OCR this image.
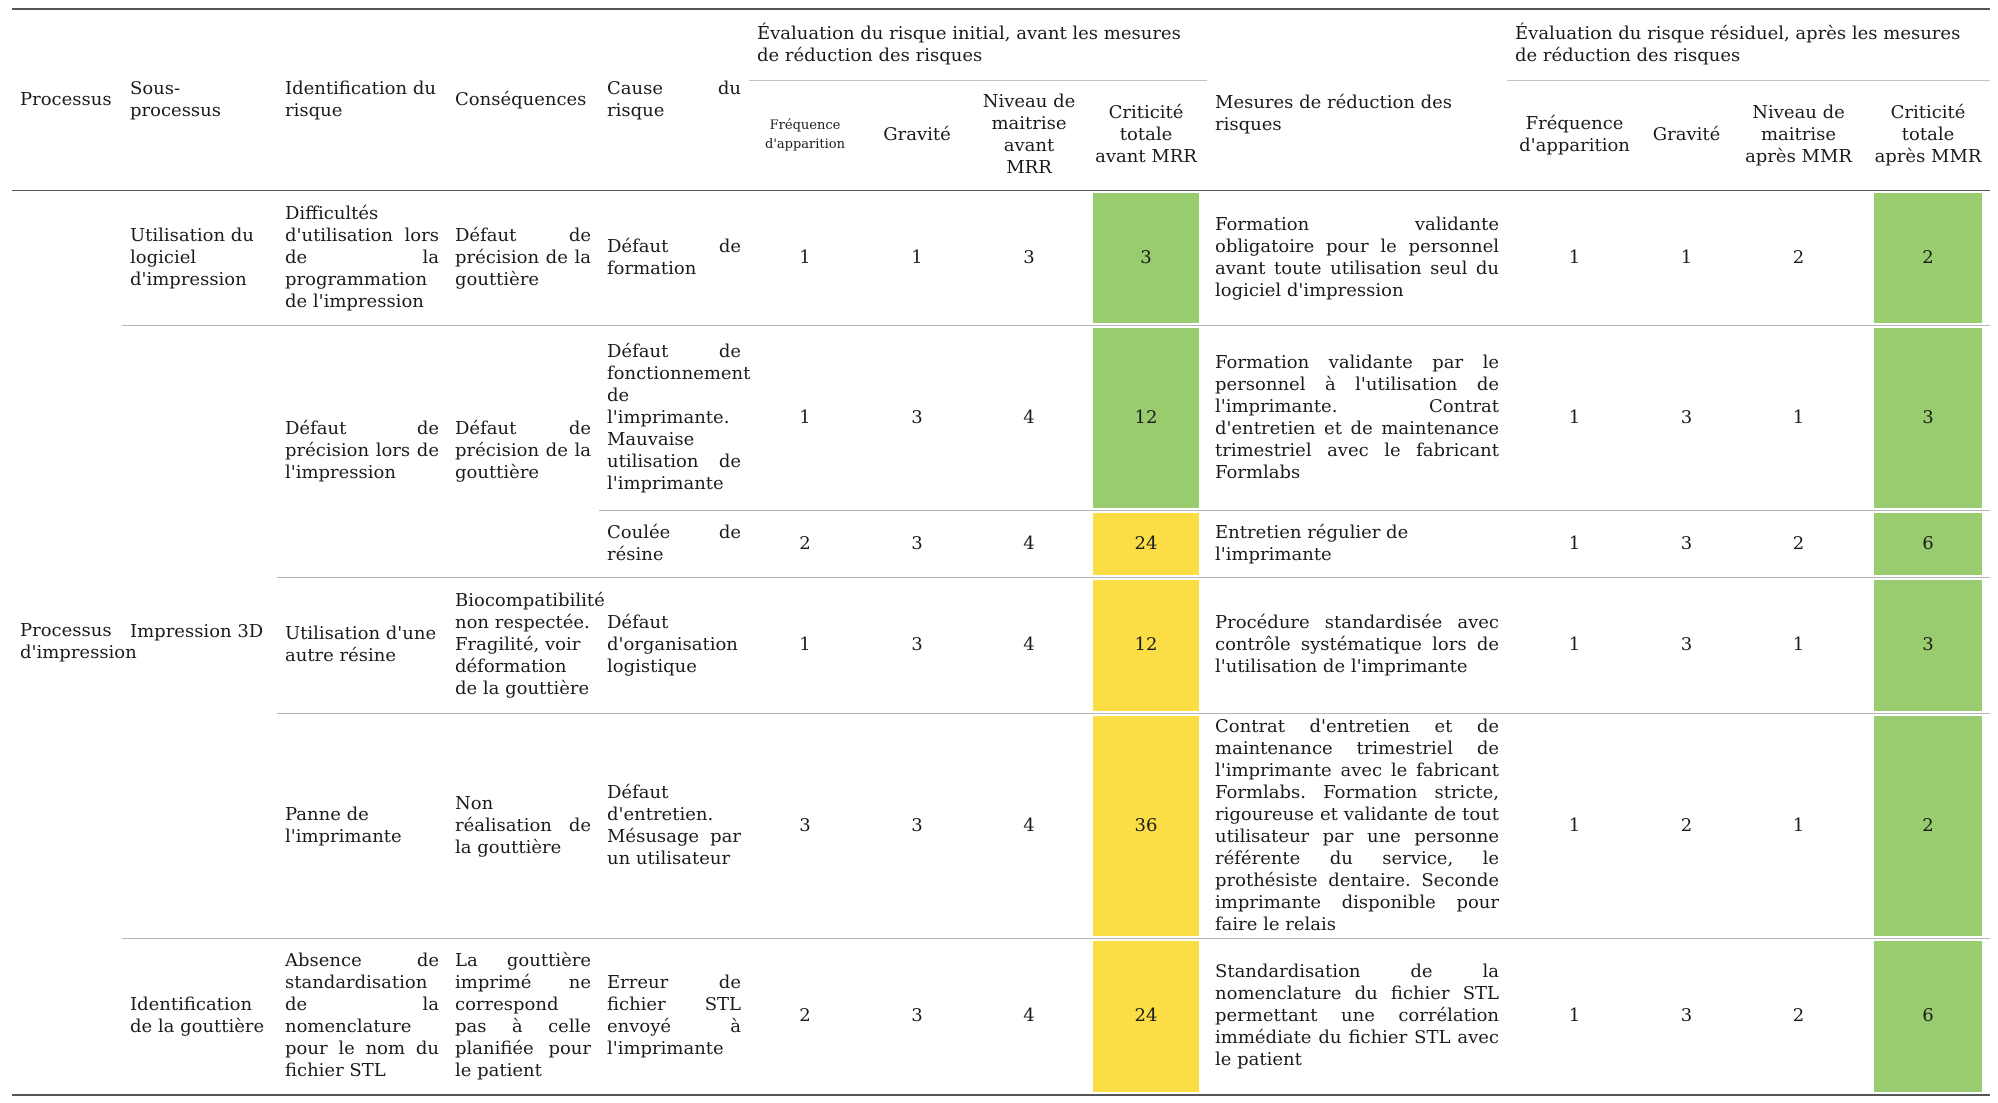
Processus	Sous-processus	Identification du risque	Conséquences	Cause du risque	Évaluation du risque initial, avant les mesures de réduction des risques				Mesures de réduction des risques	Évaluation du risque résiduel, après les mesures de réduction des risques			
					Fréquence d'apparition	Gravité	Niveau de maitrise avant MRR	Criticité totale avant MRR		Fréquence d'apparition	Gravité	Niveau de maitrise après MMR	Criticité totale après MMR
Processus d'impression	Utilisation du logiciel d'impression	Difficultés d'utilisation lors de la programmation de l'impression	Défaut de précision de la gouttière	Défaut de formation	1	1	3	3	Formation validante obligatoire pour le personnel avant toute utilisation seul du logiciel d'impression	1	1	2	2

	Impression 3D	Défaut de précision lors de l'impression	Défaut de précision de la gouttière	Défaut de fonctionnement de l'imprimante. Mauvaise utilisation de l'imprimante	1	3	4	12	Formation validante par le personnel à l'utilisation de l'imprimante. Contrat d'entretien et de maintenance trimestriel avec le fabricant Formlabs	1	3	1	3

				Coulée de résine	2	3	4	24	Entretien régulier de l'imprimante	1	3	2	6

		Utilisation d'une autre résine	Biocompatibilité non respectée. Fragilité, voir déformation de la gouttière	Défaut d'organisation logistique	1	3	4	12	Procédure standardisée avec contrôle systématique lors de l'utilisation de l'imprimante	1	3	1	3

		Panne de l'imprimante	Non réalisation de la gouttière	Défaut d'entretien. Mésusage par un utilisateur	3	3	4	36	Contrat d'entretien et de maintenance trimestriel de l'imprimante avec le fabricant Formlabs. Formation stricte, rigoureuse et validante de tout utilisateur par une personne référente du service, le prothésiste dentaire. Seconde imprimante disponible pour faire le relais	1	2	1	2

	Identification de la gouttière	Absence de standardisation de la nomenclature pour le nom du fichier STL	La gouttière imprimé ne correspond pas à celle planifiée pour le patient	Erreur de fichier STL envoyé à l'imprimante	2	3	4	24	Standardisation de la nomenclature du fichier STL permettant une corrélation immédiate du fichier STL avec le patient	1	3	2	6
